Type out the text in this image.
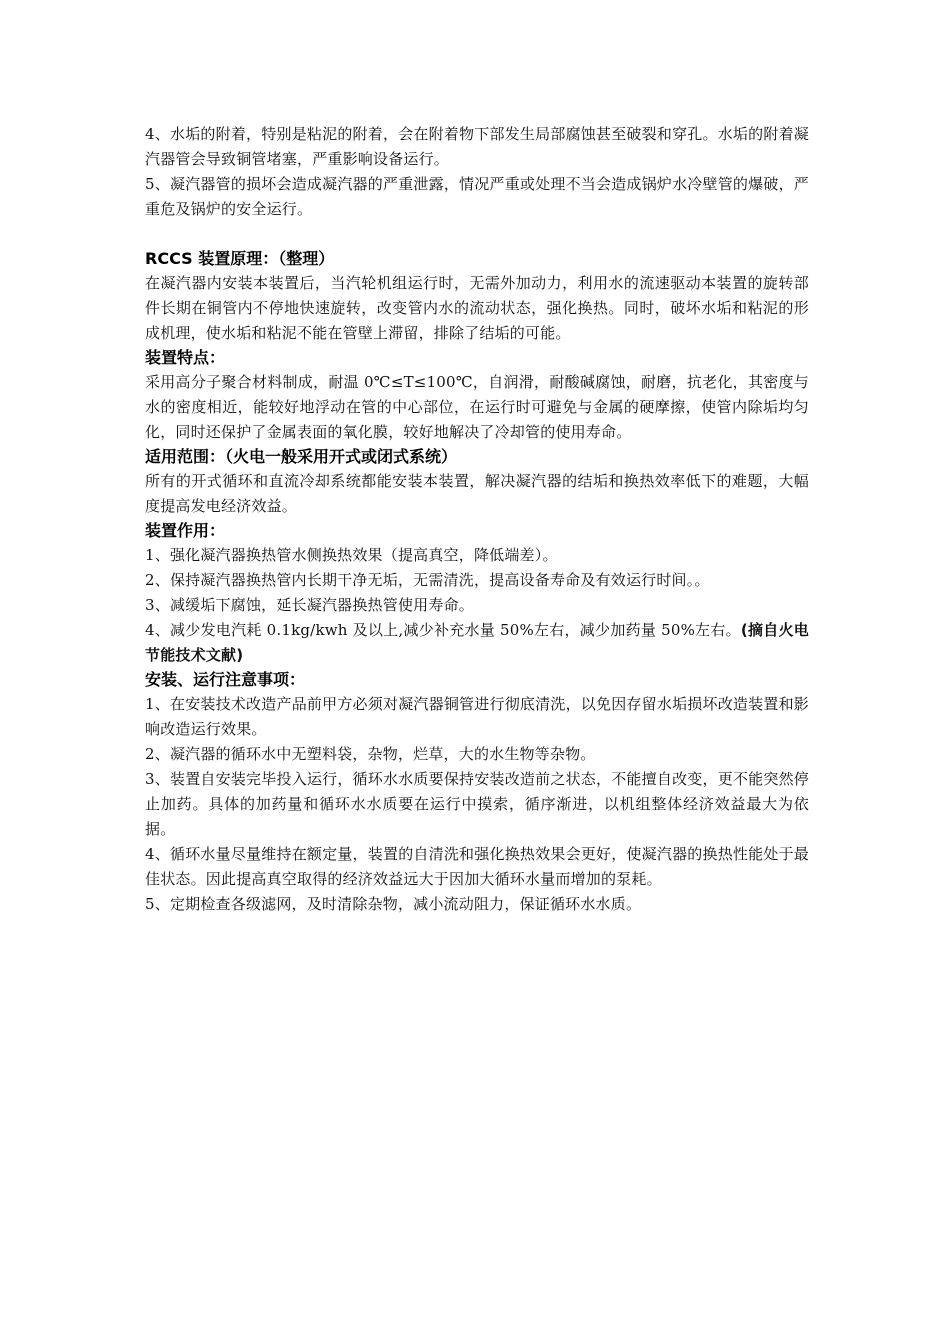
4、水垢的附着，特别是粘泥的附着，会在附着物下部发生局部腐蚀甚至破裂和穿孔。水垢的附着凝汽器管会导致铜管堵塞，严重影响设备运行。

5、凝汽器管的损坏会造成凝汽器的严重泄露，情况严重或处理不当会造成锅炉水冷壁管的爆破，严重危及锅炉的安全运行。

RCCS 装置原理：（整理）

在凝汽器内安装本装置后，当汽轮机组运行时，无需外加动力，利用水的流速驱动本装置的旋转部件长期在铜管内不停地快速旋转，改变管内水的流动状态，强化换热。同时，破坏水垢和粘泥的形成机理，使水垢和粘泥不能在管壁上滞留，排除了结垢的可能。

装置特点：

采用高分子聚合材料制成，耐温 0℃≤T≤100℃，自润滑，耐酸碱腐蚀，耐磨，抗老化，其密度与水的密度相近，能较好地浮动在管的中心部位，在运行时可避免与金属的硬摩擦，使管内除垢均匀化，同时还保护了金属表面的氧化膜，较好地解决了冷却管的使用寿命。

适用范围：（火电一般采用开式或闭式系统）

所有的开式循环和直流冷却系统都能安装本装置，解决凝汽器的结垢和换热效率低下的难题，大幅度提高发电经济效益。

装置作用：

1、强化凝汽器换热管水侧换热效果（提高真空，降低端差）。

2、保持凝汽器换热管内长期干净无垢，无需清洗，提高设备寿命及有效运行时间。。

3、减缓垢下腐蚀，延长凝汽器换热管使用寿命。

4、减少发电汽耗 0.1kg/kwh 及以上,减少补充水量 50%左右，减少加药量 50%左右。(摘自火电节能技术文献)

安装、运行注意事项：

1、在安装技术改造产品前甲方必须对凝汽器铜管进行彻底清洗，以免因存留水垢损坏改造装置和影响改造运行效果。

2、凝汽器的循环水中无塑料袋，杂物，烂草，大的水生物等杂物。

3、装置自安装完毕投入运行，循环水水质要保持安装改造前之状态，不能擅自改变，更不能突然停止加药。具体的加药量和循环水水质要在运行中摸索，循序渐进，以机组整体经济效益最大为依据。

4、循环水量尽量维持在额定量，装置的自清洗和强化换热效果会更好，使凝汽器的换热性能处于最佳状态。因此提高真空取得的经济效益远大于因加大循环水量而增加的泵耗。

5、定期检查各级滤网，及时清除杂物，减小流动阻力，保证循环水水质。
